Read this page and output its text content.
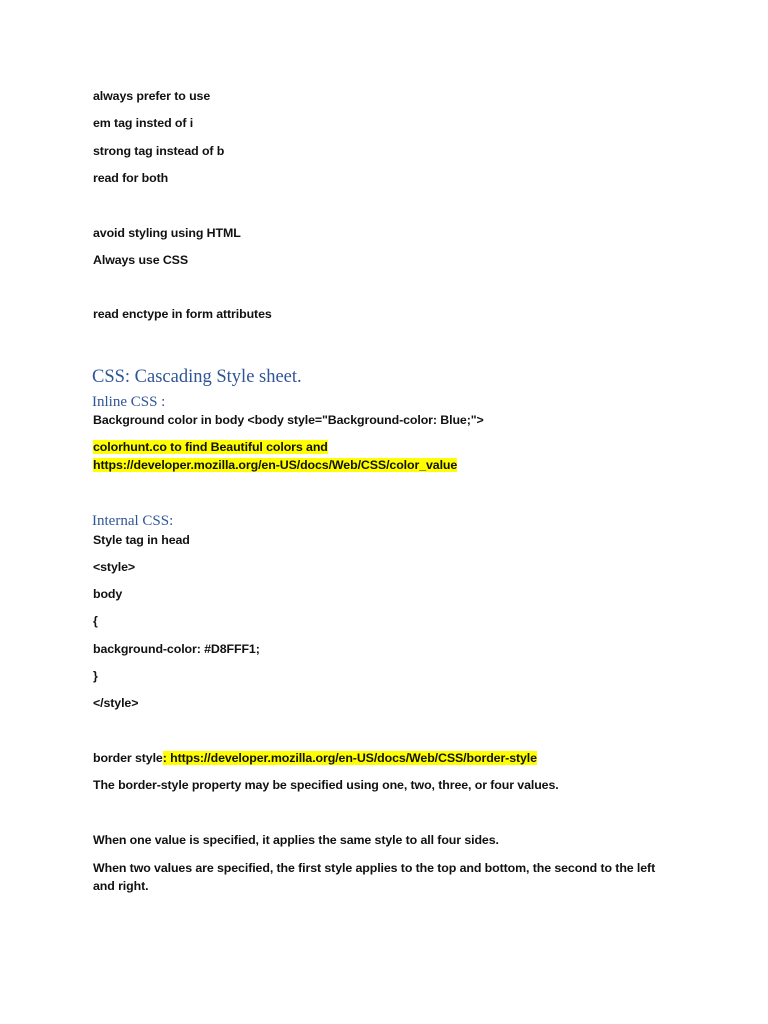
always prefer to use
em tag insted of i
strong tag instead of b
read for both
avoid styling using HTML
Always use CSS
read enctype in form attributes
CSS: Cascading Style sheet.
Inline CSS :
Background color in body <body style="Background-color: Blue;">
colorhunt.co to find Beautiful colors and
https://developer.mozilla.org/en-US/docs/Web/CSS/color_value
Internal CSS:
Style tag in head
<style>
body
{
background-color: #D8FFF1;
}
</style>
border style: https://developer.mozilla.org/en-US/docs/Web/CSS/border-style
The border-style property may be specified using one, two, three, or four values.
When one value is specified, it applies the same style to all four sides.
When two values are specified, the first style applies to the top and bottom, the second to the left and right.
